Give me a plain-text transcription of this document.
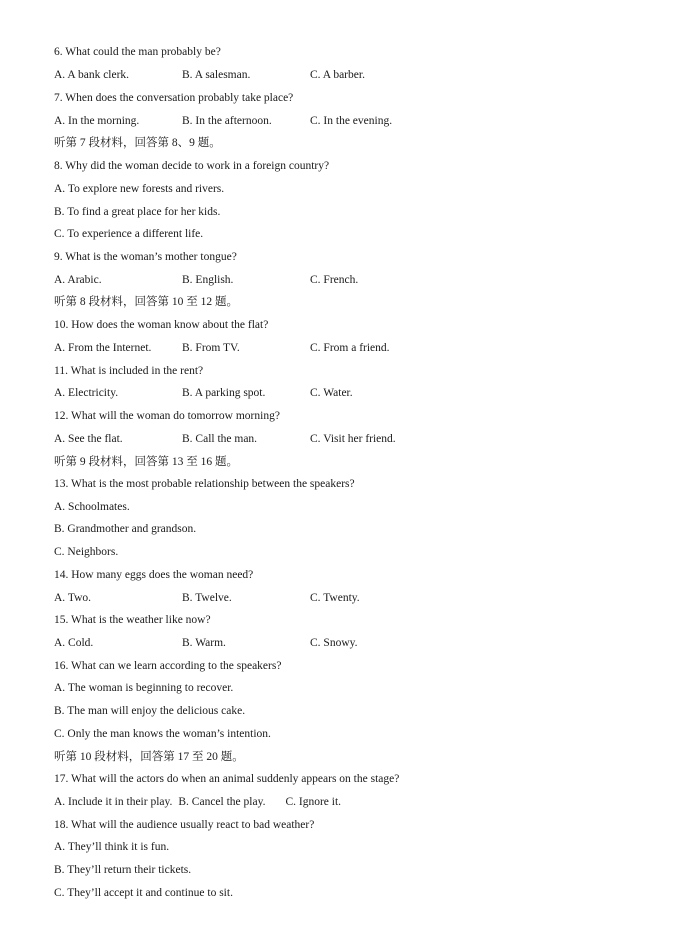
6. What could the man probably be?
A. A bank clerk.	B. A salesman.	C. A barber.
7. When does the conversation probably take place?
A. In the morning.	B. In the afternoon.	C. In the evening.
听第 7 段材料，回答第 8、9 题。
8. Why did the woman decide to work in a foreign country?
A. To explore new forests and rivers.
B. To find a great place for her kids.
C. To experience a different life.
9. What is the woman’s mother tongue?
A. Arabic.	B. English.	C. French.
听第 8 段材料，回答第 10 至 12 题。
10. How does the woman know about the flat?
A. From the Internet.	B. From TV.	C. From a friend.
11. What is included in the rent?
A. Electricity.	B. A parking spot.	C. Water.
12. What will the woman do tomorrow morning?
A. See the flat.	B. Call the man.	C. Visit her friend.
听第 9 段材料，回答第 13 至 16 题。
13. What is the most probable relationship between the speakers?
A. Schoolmates.
B. Grandmother and grandson.
C. Neighbors.
14. How many eggs does the woman need?
A. Two.	B. Twelve.	C. Twenty.
15. What is the weather like now?
A. Cold.	B. Warm.	C. Snowy.
16. What can we learn according to the speakers?
A. The woman is beginning to recover.
B. The man will enjoy the delicious cake.
C. Only the man knows the woman’s intention.
听第 10 段材料，回答第 17 至 20 题。
17. What will the actors do when an animal suddenly appears on the stage?
A. Include it in their play. B. Cancel the play. C. Ignore it.
18. What will the audience usually react to bad weather?
A. They’ll think it is fun.
B. They’ll return their tickets.
C. They’ll accept it and continue to sit.
